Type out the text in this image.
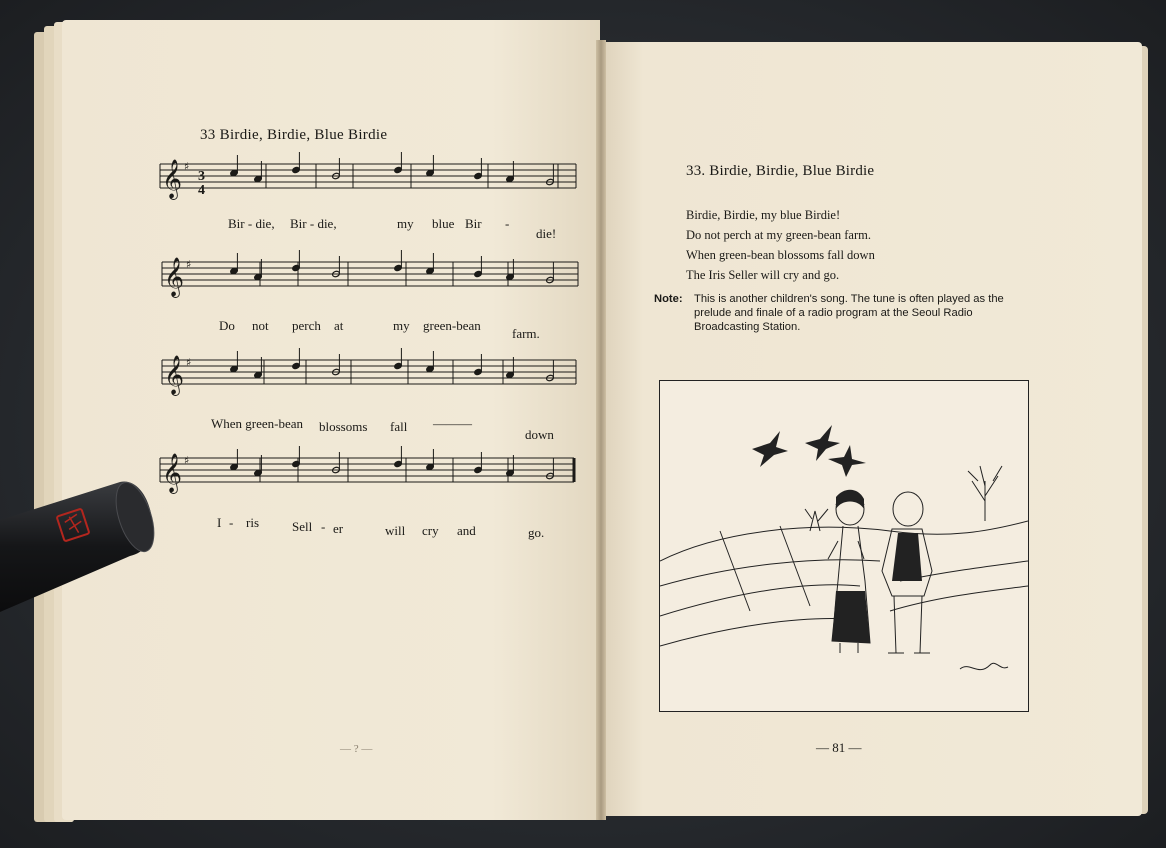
33 Birdie, Birdie, Blue Birdie
𝄞 ♯
𝄞 ♯
𝄞 ♯
𝄞 ♯
3
4
Bir - die, Bir - die,	my blue Bir -
die!
Do not perch at	my green-bean
farm.
When green-bean blossoms fall ———
down
I - ris	Sell - er	will cry and	go.
— ? —
33. Birdie, Birdie, Blue Birdie
Birdie, Birdie, my blue Birdie!
Do not perch at my green-bean farm.
When green-bean blossoms fall down
The Iris Seller will cry and go.
Note: This is another children's song. The tune is often played as the prelude and finale of a radio program at the Seoul Radio Broadcasting Station.
— 81 —
